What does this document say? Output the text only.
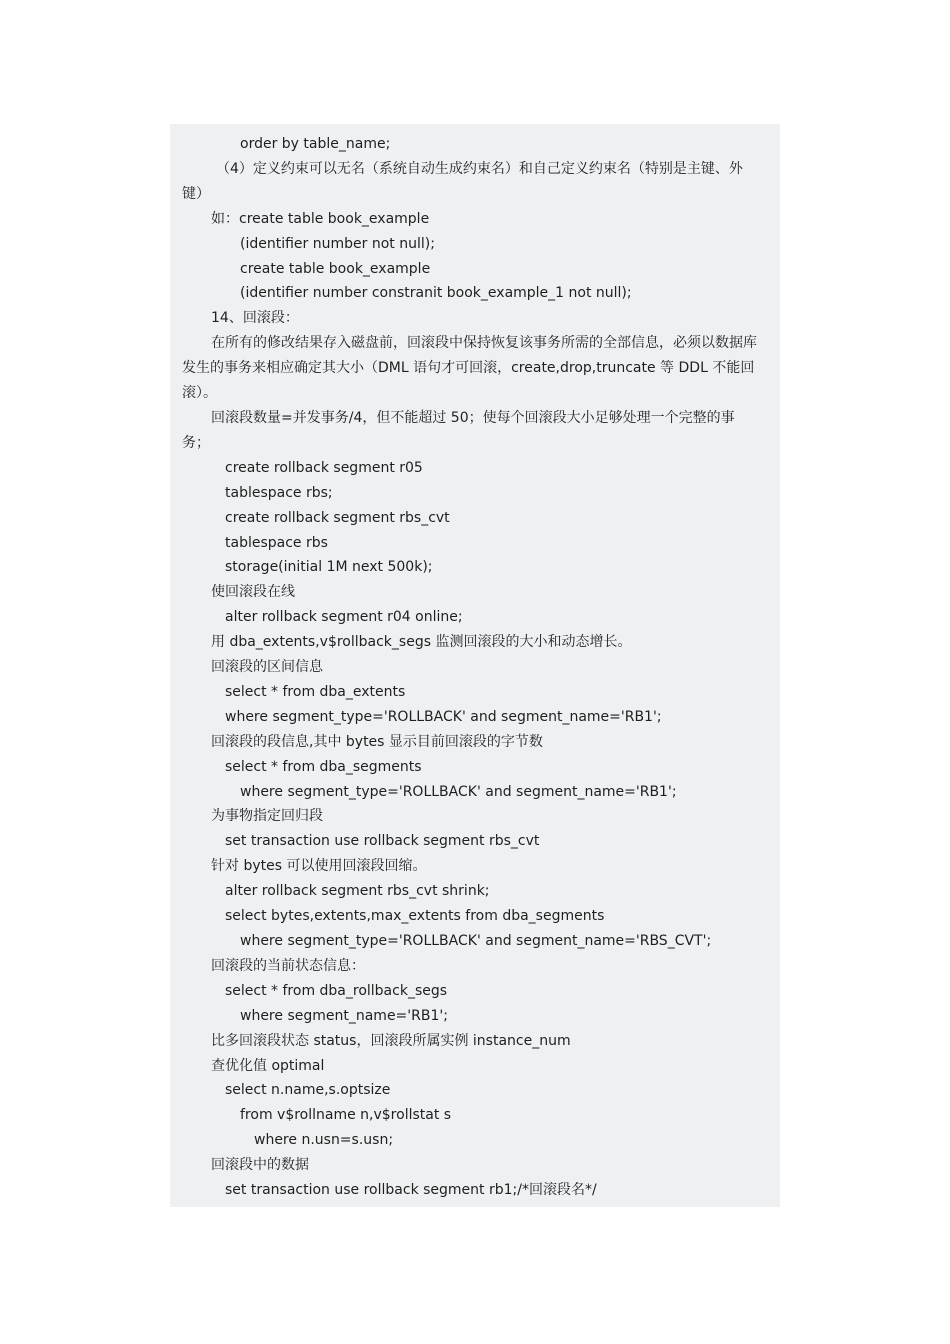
order by table_name;
（4）定义约束可以无名（系统自动生成约束名）和自己定义约束名（特别是主键、外
键）
如：create table book_example
(identifier number not null);
create table book_example
(identifier number constranit book_example_1 not null);
14、回滚段：
在所有的修改结果存入磁盘前，回滚段中保持恢复该事务所需的全部信息，必须以数据库
发生的事务来相应确定其大小（DML 语句才可回滚，create,drop,truncate 等 DDL 不能回
滚）。
回滚段数量=并发事务/4，但不能超过 50；使每个回滚段大小足够处理一个完整的事
务；
create rollback segment r05
tablespace rbs;
create rollback segment rbs_cvt
tablespace rbs
storage(initial 1M next 500k);
使回滚段在线
alter rollback segment r04 online;
用 dba_extents,v$rollback_segs 监测回滚段的大小和动态增长。
回滚段的区间信息
select * from dba_extents
where segment_type='ROLLBACK' and segment_name='RB1';
回滚段的段信息,其中 bytes 显示目前回滚段的字节数
select * from dba_segments
where segment_type='ROLLBACK' and segment_name='RB1';
为事物指定回归段
set transaction use rollback segment rbs_cvt
针对 bytes 可以使用回滚段回缩。
alter rollback segment rbs_cvt shrink;
select bytes,extents,max_extents from dba_segments
where segment_type='ROLLBACK' and segment_name='RBS_CVT';
回滚段的当前状态信息：
select * from dba_rollback_segs
where segment_name='RB1';
比多回滚段状态 status，回滚段所属实例 instance_num
查优化值 optimal
select n.name,s.optsize
from v$rollname n,v$rollstat s
where n.usn=s.usn;
回滚段中的数据
set transaction use rollback segment rb1;/*回滚段名*/
